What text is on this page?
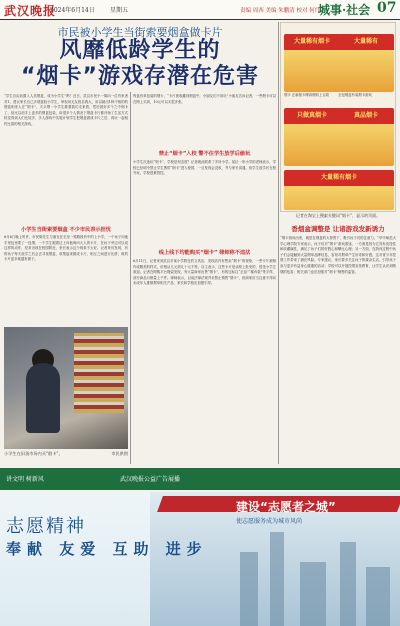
武汉晚报
2024年6月14日	星期五	责编 周西 美编 朱鹏清 校对 何红四
城事·社会 07
市民被小学生当街索要烟盒做卡片
风靡低龄学生的
“烟卡”游戏存潜在危害
“学生自由前置入人类烟盒，成为小学生”吗？近日，武汉市民小一陈向一位有家者对1，建议家长自己多烟盒较小学生，审视用无友段自我大，用以就出1种不相的的烟盒相来人在“烟卡”，天买烟一小学生推着我们走来看，然后挑好多个之中烟卡了，但比以前手上更多的烟盒包装，用很多个人情况下烟盒卡片都开始了生活方式转变得到人们比较多，多人游戏中实施计划学生把烟盒做成卡片之后，再玩一起相约比赛的相关游戏。
小学生当街索要烟盒 不少市民表示担忧
6月6日晚上时许，市民陈先生与朋友在走至一路路段有中的上小学，一个孩子向他手里包里要了一包烟，一个学生跟着边上向他询问大人的卡片，在孩子旁边可以说这样的动作，经常出现在校园附近，家长表示这个现象不太好。记者采访发现，有的孩子每天放学之后会去寻找烟盒，收集起来做成卡片，相互之间进行比拼，谁的卡片更多就越有面子。
小学生在旧货市场内买“烟卡”。	市民供图
每盒有单包装的烟卡，“卡片被收藏到烟盒中，小朋友们不用玩”小朋友告诉记者，一些烟卡可以在网上买到，10元可以买很多张。
禁止“烟卡”入校 警不住学生放学后偷玩
小学生沉迷玩“烟卡”，学校是何态度？记者就此联系了多所小学。某区一所小学的老师表示，学校已经明令禁止学生携带“烟卡”进入校园，一旦发现会没收，并与家长沟通。但学生放学后在校外玩，学校很难管控。
线上线下均能购买“烟卡” 律师称不违法
6月11日，记者来到武汉市某小学附近的文具店，发现店内有售卖“烟卡”的现象，一些卡片被制作成精美的样式，价格从几元到几十元不等。店主表示，这些卡片是从网上批发的，很受小学生欢迎。记者在网购平台搜索发现，有大量商家出售“烟卡”，有的还标注“正品”“稀有款”等字样，部分商品月销量上千件。律师表示，目前法律法规并未禁止销售“烟卡”，但商家应当注意不得向未成年人推销烟草相关产品，家长和学校应加强引导。
大量稀有烟卡	大量稀有
烟卡 正新版卡牌真假的上百款	全包烟盒有装烟卡游戏
只做真烟卡	真品烟卡
大量稀有烟卡
记者在淘宝上搜索关键词“烟卡”，显示的页面。
香烟盒调整是 让诸游戏发新诱力
“烟卡游戏出来，就是在烟盒的大背景下，吸引孩子们的注意力。”华中师范大学心理学院专家表示，孩子们对“烟卡”游戏着迷，一方面是因为它具有竞技性和收藏属性，满足了孩子们的好胜心和攀比心理；另一方面，在游戏过程中孩子们会接触到大量烟草品牌信息，容易对烟草产生好奇和好感，这对青少年控烟工作带来了潜在风险。专家建议，家长要多关注孩子的课余生活，引导孩子参与更多有益身心健康的活动；学校可以开展控烟宣传教育，让学生认识到吸烟的危害；相关部门也应加强对“烟卡”销售的监管。
讲文明 树新风	武汉晚报公益广告展播
志愿精神
奉献 友爱 互助 进步
建设“志愿者之城”
使志愿服务成为城市风尚
